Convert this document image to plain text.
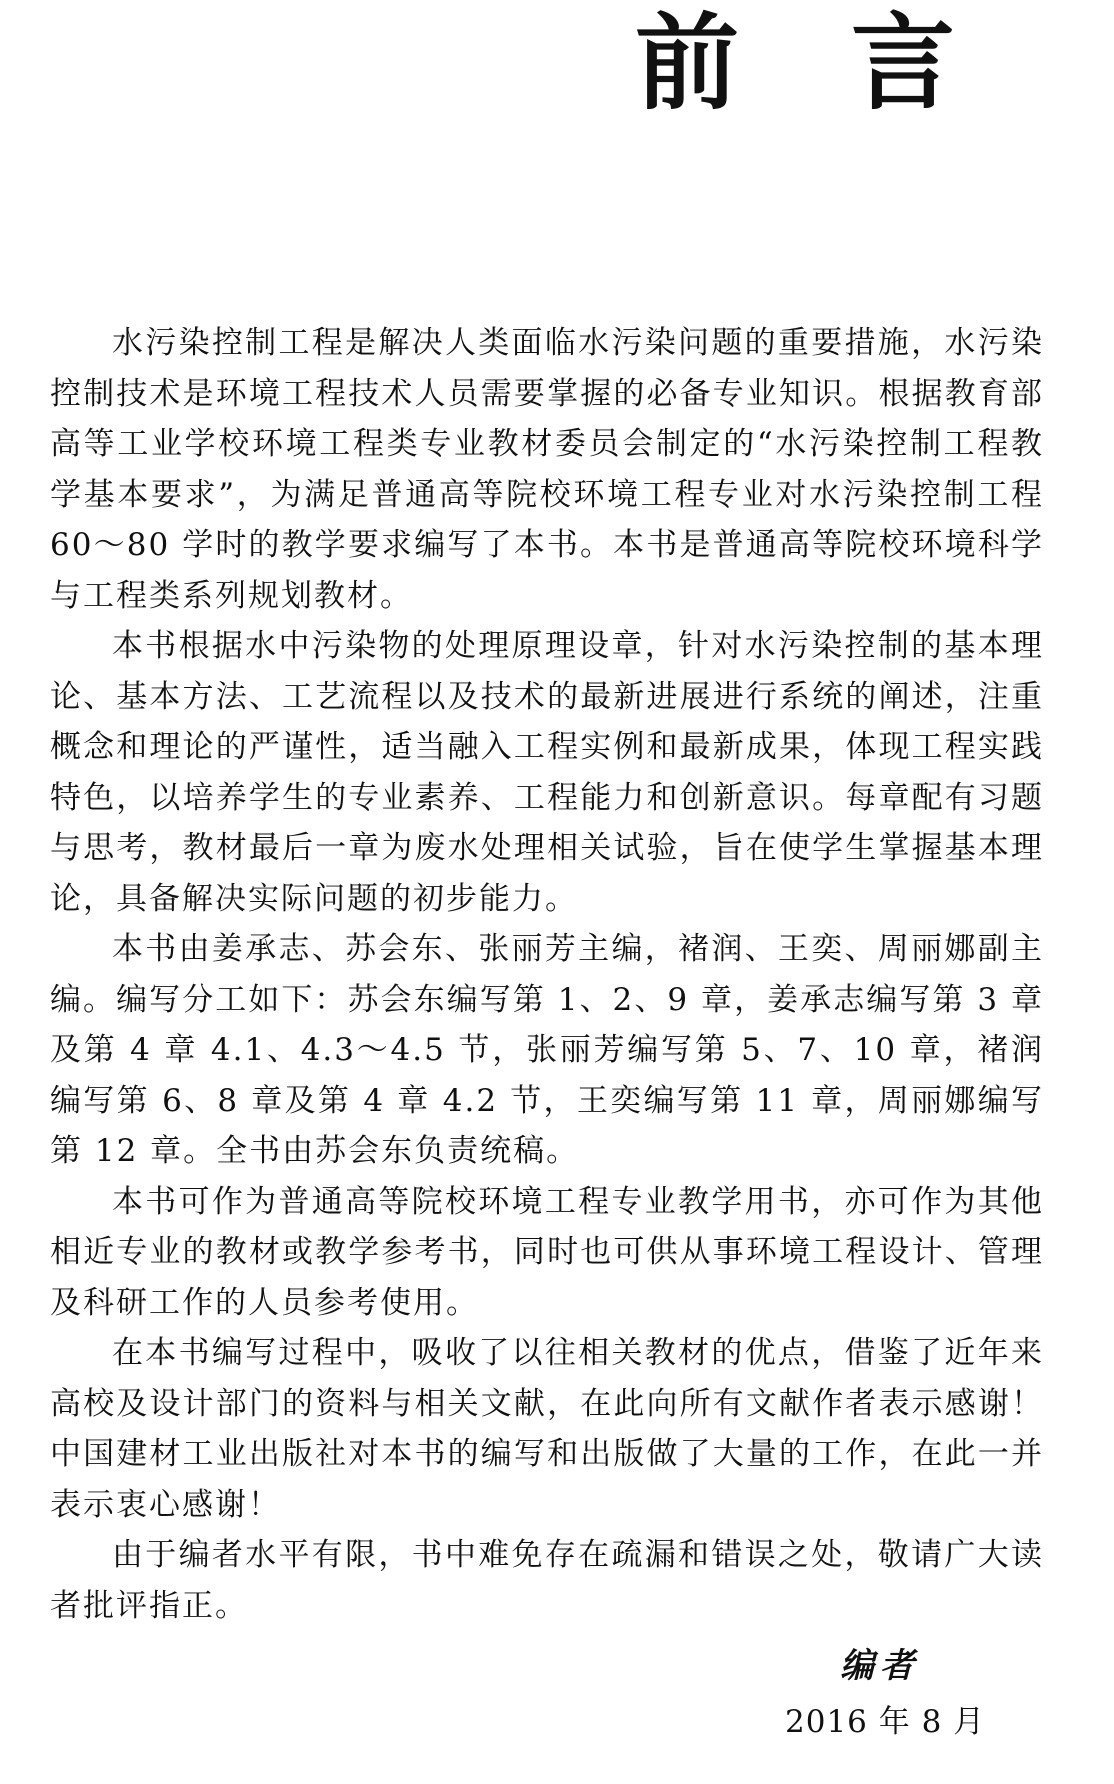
前 言

水污染控制工程是解决人类面临水污染问题的重要措施，水污染控制技术是环境工程技术人员需要掌握的必备专业知识。根据教育部高等工业学校环境工程类专业教材委员会制定的“水污染控制工程教学基本要求”，为满足普通高等院校环境工程专业对水污染控制工程 60～80 学时的教学要求编写了本书。本书是普通高等院校环境科学与工程类系列规划教材。

本书根据水中污染物的处理原理设章，针对水污染控制的基本理论、基本方法、工艺流程以及技术的最新进展进行系统的阐述，注重概念和理论的严谨性，适当融入工程实例和最新成果，体现工程实践特色，以培养学生的专业素养、工程能力和创新意识。每章配有习题与思考，教材最后一章为废水处理相关试验，旨在使学生掌握基本理论，具备解决实际问题的初步能力。

本书由姜承志、苏会东、张丽芳主编，褚润、王奕、周丽娜副主编。编写分工如下：苏会东编写第 1、2、9 章，姜承志编写第 3 章及第 4 章 4.1、4.3～4.5 节，张丽芳编写第 5、7、10 章，褚润编写第 6、8 章及第 4 章 4.2 节，王奕编写第 11 章，周丽娜编写第 12 章。全书由苏会东负责统稿。

本书可作为普通高等院校环境工程专业教学用书，亦可作为其他相近专业的教材或教学参考书，同时也可供从事环境工程设计、管理及科研工作的人员参考使用。

在本书编写过程中，吸收了以往相关教材的优点，借鉴了近年来高校及设计部门的资料与相关文献，在此向所有文献作者表示感谢！中国建材工业出版社对本书的编写和出版做了大量的工作，在此一并表示衷心感谢！

由于编者水平有限，书中难免存在疏漏和错误之处，敬请广大读者批评指正。

编者
2016 年 8 月
